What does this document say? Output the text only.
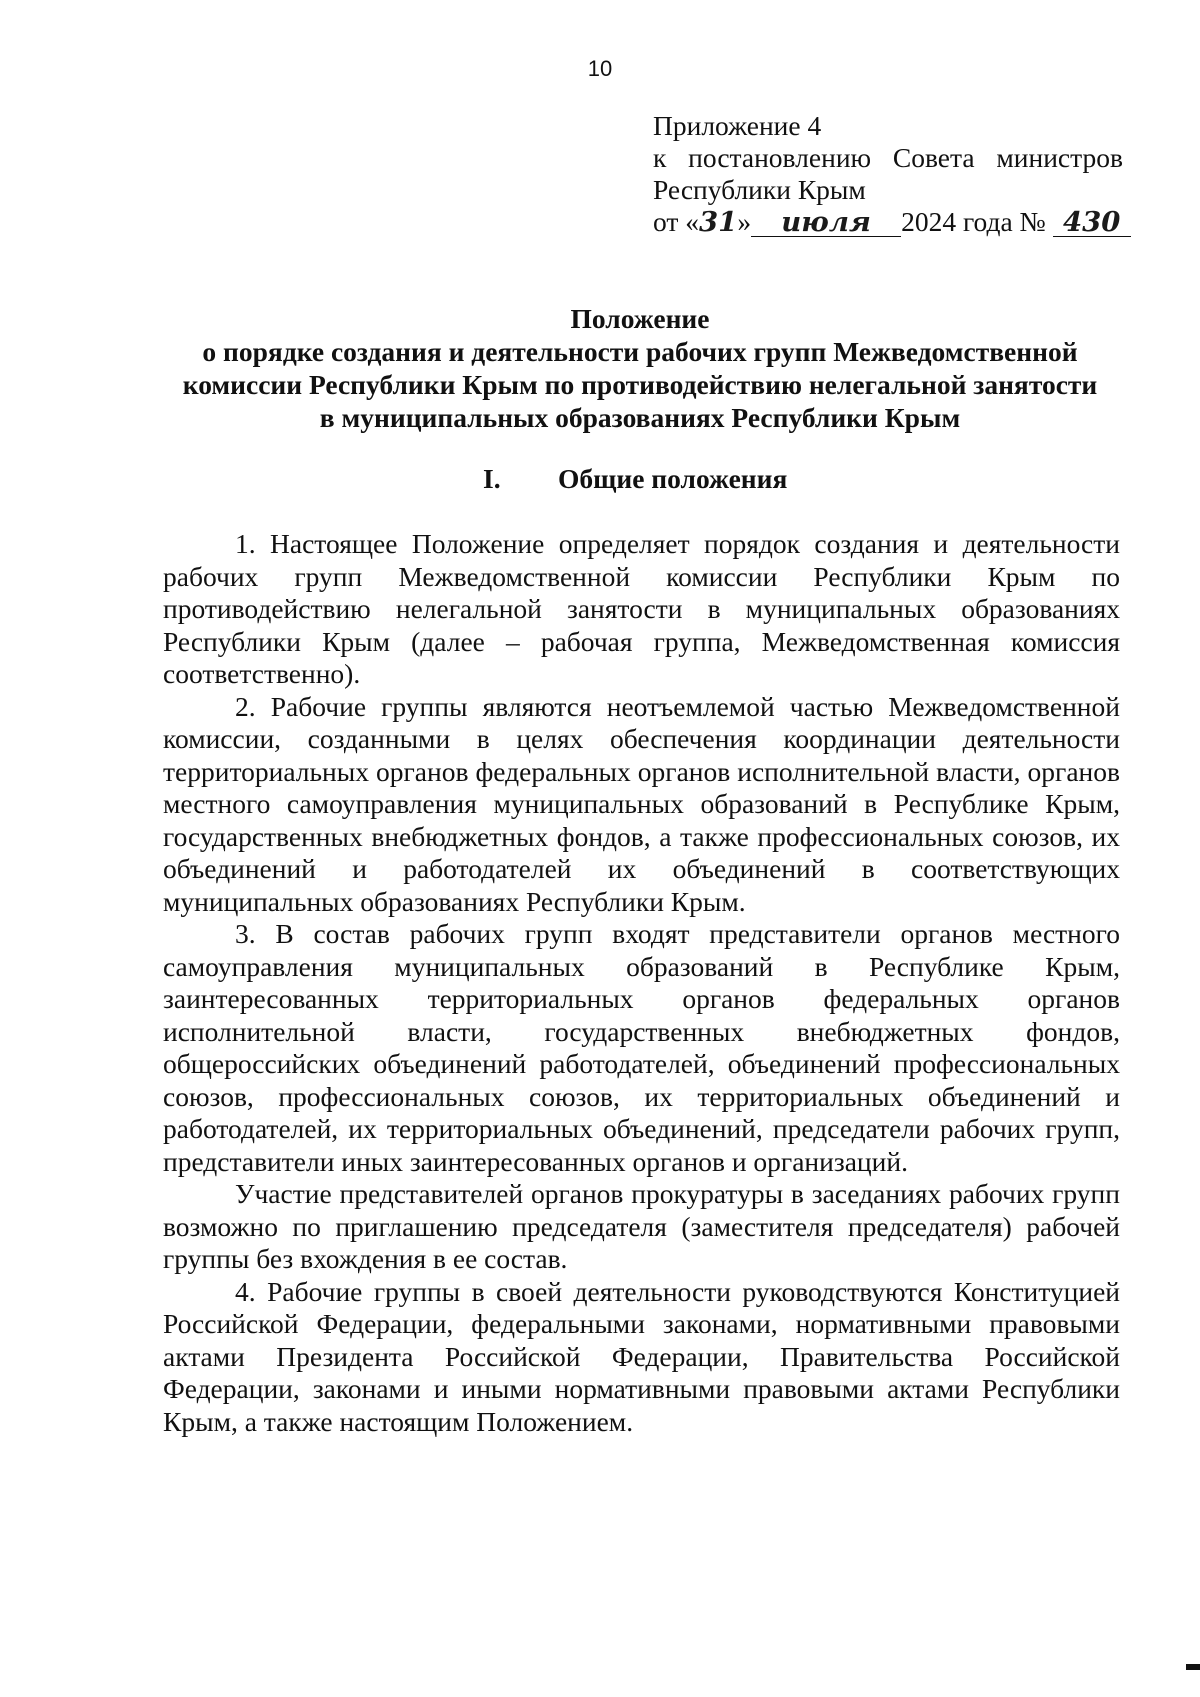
10
Приложение 4
к постановлению Совета министров
Республики Крым
от «31» июля 2024 года № 430
Положение
о порядке создания и деятельности рабочих групп Межведомственной
комиссии Республики Крым по противодействию нелегальной занятости
в муниципальных образованиях Республики Крым
I. Общие положения

1. Настоящее Положение определяет порядок создания и деятельности рабочих групп Межведомственной комиссии Республики Крым по противодействию нелегальной занятости в муниципальных образованиях Республики Крым (далее – рабочая группа, Межведомственная комиссия соответственно).

2. Рабочие группы являются неотъемлемой частью Межведомственной комиссии, созданными в целях обеспечения координации деятельности территориальных органов федеральных органов исполнительной власти, органов местного самоуправления муниципальных образований в Республике Крым, государственных внебюджетных фондов, а также профессиональных союзов, их объединений и работодателей их объединений в соответствующих муниципальных образованиях Республики Крым.

3. В состав рабочих групп входят представители органов местного самоуправления муниципальных образований в Республике Крым, заинтересованных территориальных органов федеральных органов исполнительной власти, государственных внебюджетных фондов, общероссийских объединений работодателей, объединений профессиональных союзов, профессиональных союзов, их территориальных объединений и работодателей, их территориальных объединений, председатели рабочих групп, представители иных заинтересованных органов и организаций.

Участие представителей органов прокуратуры в заседаниях рабочих групп возможно по приглашению председателя (заместителя председателя) рабочей группы без вхождения в ее состав.

4. Рабочие группы в своей деятельности руководствуются Конституцией Российской Федерации, федеральными законами, нормативными правовыми актами Президента Российской Федерации, Правительства Российской Федерации, законами и иными нормативными правовыми актами Республики Крым, а также настоящим Положением.
